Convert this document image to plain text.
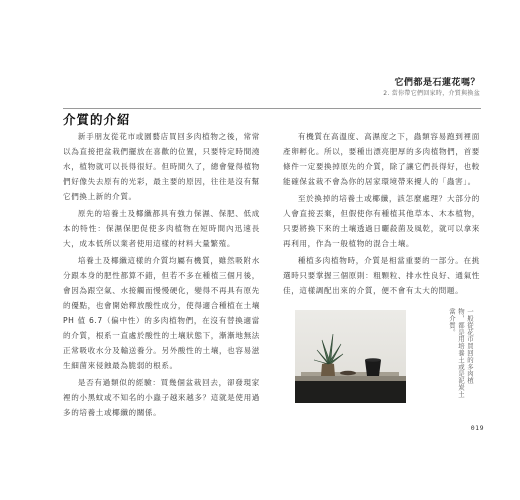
它們都是石蓮花嗎？
2. 當你帶它們回家時，介質與換盆
介質的介紹

新手朋友從花市或園藝店買回多肉植物之後，常常以為直接把盆栽們擺放在喜歡的位置，只要特定時間澆水，植物就可以長得很好。但時間久了，總會覺得植物們好像失去原有的光彩，最主要的原因，往往是沒有幫它們換上新的介質。

原先的培養土及椰纖都具有強力保濕、保肥、低成本的特性：保濕保肥促使多肉植物在短時間內迅速長大，成本低所以業者使用這樣的材料大量繁殖。

培養土及椰纖這樣的介質均屬有機質，雖然吸附水分跟本身的肥性都算不錯，但若不多在種植三個月後，會因為跟空氣、水接觸而慢慢硬化，變得不再具有原先的優點，也會開始釋放酸性成分，使得適合種植在土壤 PH 值 6.7（偏中性）的多肉植物們，在沒有替換適當的介質，根系一直處於酸性的土壤狀態下，漸漸地無法正常吸收水分及輸送養分。另外酸性的土壤，也容易滋生細菌來侵蝕最為脆弱的根系。

是否有過類似的經驗：買幾個盆栽回去，卻發現家裡的小黑蚊或不知名的小蟲子越來越多？這就是使用過多的培養土或椰纖的關係。

有機質在高溫度、高濕度之下，蟲類容易跑到裡面產卵孵化。所以，要種出漂亮肥厚的多肉植物們，首要條件一定要換掉原先的介質，除了讓它們長得好，也較能確保盆栽不會為你的居家環境帶來擾人的「蟲害」。

至於換掉的培養土或椰纖，該怎麼處理？大部分的人會直接丟棄，但假使你有種植其他草本、木本植物，只要將換下來的土壤透過日曬殺菌及風乾，就可以拿來再利用，作為一般植物的混合土壤。

種植多肉植物時，介質是相當重要的一部分。在挑選時只要掌握三個原則：粗顆粒、排水性良好、通氣性佳，這樣調配出來的介質，便不會有太大的問題。

一般從花市買回的多肉植
物，都是用培養土或是泥炭土
當介質。
019
